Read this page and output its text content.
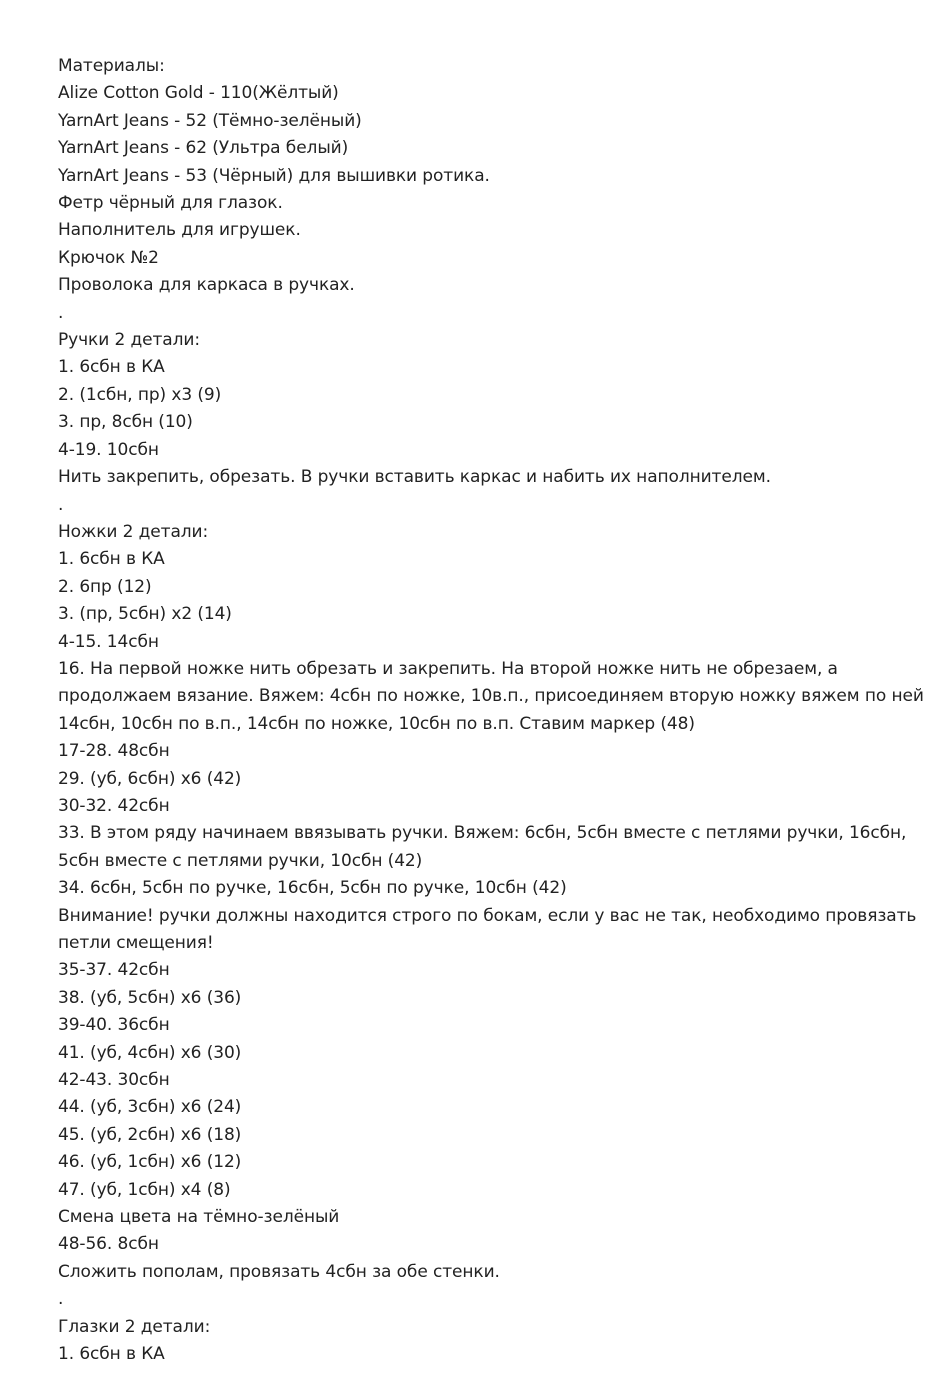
Материалы:
Alize Cotton Gold - 110(Жёлтый)
YarnArt Jeans - 52 (Тёмно-зелёный)
YarnArt Jeans - 62 (Ультра белый)
YarnArt Jeans - 53 (Чёрный) для вышивки ротика.
Фетр чёрный для глазок.
Наполнитель для игрушек.
Крючок №2
Проволока для каркаса в ручках.
.
Ручки 2 детали:
1. 6сбн в КА
2. (1сбн, пр) х3 (9)
3. пр, 8сбн (10)
4-19. 10сбн
Нить закрепить, обрезать. В ручки вставить каркас и набить их наполнителем.
.
Ножки 2 детали:
1. 6сбн в КА
2. 6пр (12)
3. (пр, 5сбн) х2 (14)
4-15. 14сбн
16. На первой ножке нить обрезать и закрепить. На второй ножке нить не обрезаем, а
продолжаем вязание. Вяжем: 4сбн по ножке, 10в.п., присоединяем вторую ножку вяжем по ней
14сбн, 10сбн по в.п., 14сбн по ножке, 10сбн по в.п. Ставим маркер (48)
17-28. 48сбн
29. (уб, 6сбн) х6 (42)
30-32. 42сбн
33. В этом ряду начинаем ввязывать ручки. Вяжем: 6сбн, 5сбн вместе с петлями ручки, 16сбн,
5сбн вместе с петлями ручки, 10сбн (42)
34. 6сбн, 5сбн по ручке, 16сбн, 5сбн по ручке, 10сбн (42)
Внимание! ручки должны находится строго по бокам, если у вас не так, необходимо провязать
петли смещения!
35-37. 42сбн
38. (уб, 5сбн) х6 (36)
39-40. 36сбн
41. (уб, 4сбн) х6 (30)
42-43. 30сбн
44. (уб, 3сбн) х6 (24)
45. (уб, 2сбн) х6 (18)
46. (уб, 1сбн) х6 (12)
47. (уб, 1сбн) х4 (8)
Смена цвета на тёмно-зелёный
48-56. 8сбн
Сложить пополам, провязать 4сбн за обе стенки.
.
Глазки 2 детали:
1. 6сбн в КА
